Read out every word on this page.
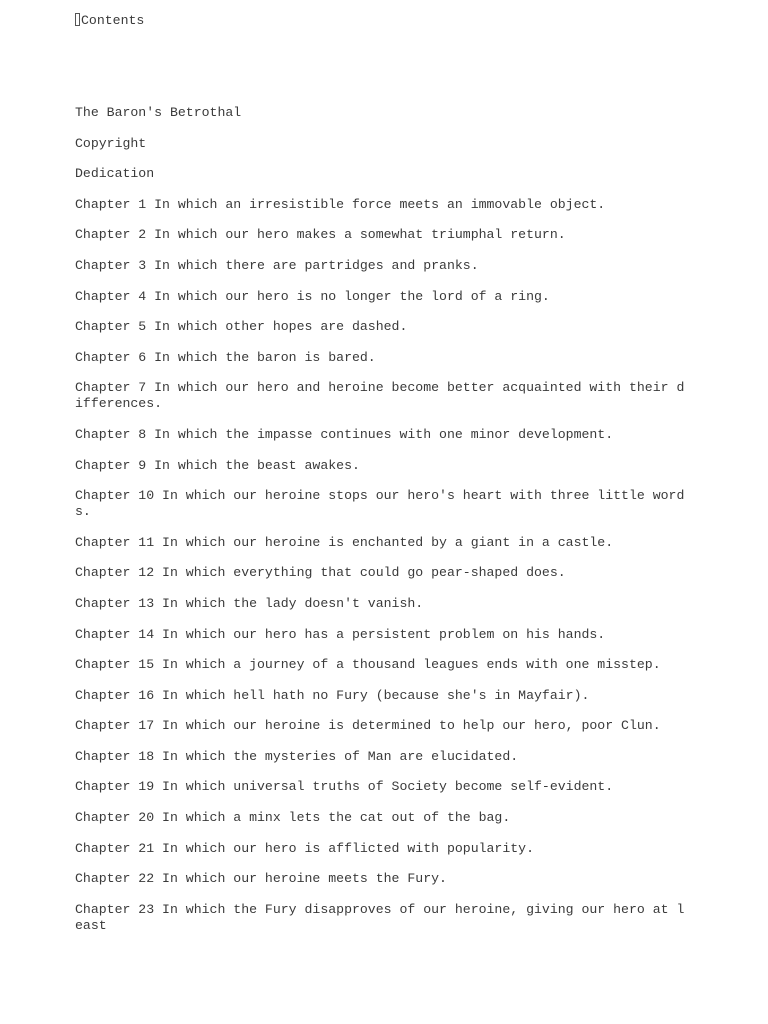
Contents
The Baron's Betrothal
Copyright
Dedication
Chapter 1 In which an irresistible force meets an immovable object.
Chapter 2 In which our hero makes a somewhat triumphal return.
Chapter 3 In which there are partridges and pranks.
Chapter 4 In which our hero is no longer the lord of a ring.
Chapter 5 In which other hopes are dashed.
Chapter 6 In which the baron is bared.
Chapter 7 In which our hero and heroine become better acquainted with their differences.
Chapter 8 In which the impasse continues with one minor development.
Chapter 9 In which the beast awakes.
Chapter 10 In which our heroine stops our hero's heart with three little words.
Chapter 11 In which our heroine is enchanted by a giant in a castle.
Chapter 12 In which everything that could go pear-shaped does.
Chapter 13 In which the lady doesn't vanish.
Chapter 14 In which our hero has a persistent problem on his hands.
Chapter 15 In which a journey of a thousand leagues ends with one misstep.
Chapter 16 In which hell hath no Fury (because she's in Mayfair).
Chapter 17 In which our heroine is determined to help our hero, poor Clun.
Chapter 18 In which the mysteries of Man are elucidated.
Chapter 19 In which universal truths of Society become self-evident.
Chapter 20 In which a minx lets the cat out of the bag.
Chapter 21 In which our hero is afflicted with popularity.
Chapter 22 In which our heroine meets the Fury.
Chapter 23 In which the Fury disapproves of our heroine, giving our hero at least
